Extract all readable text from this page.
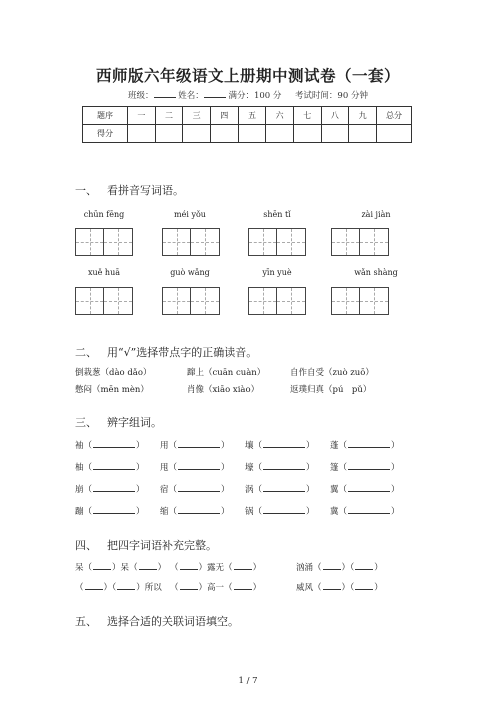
西师版六年级语文上册期中测试卷（一套）
班级：	姓名：	满分：100 分 考试时间：90 分钟
题序	一	二	三	四	五	六	七	八	九	总分
得分										
一、 看拼音写词语。
chūn fēng	méi yǒu	shēn tǐ	zài jiàn
xuě huā	guò wǎng	yīn yuè	wǎn shàng
二、 用“√”选择带点字的正确读音。
倒栽葱（dào dǎo）	蹿上（cuān cuàn）	自作自受（zuò zuō）
憋闷（mēn mèn）	肖像（xiāo xiào）	返璞归真（pú　pǔ）
三、 辨字组词。
袖（	） 用（	） 壤（	） 蓬（	）
柚（	） 甩（	） 壕（	） 篷（	）
崩（	） 宿（	） 涡（	） 翼（	）
蹦（	） 缩（	） 锅（	） 冀（	）
四、 把四字词语补充完整。
呆（ ）呆（ ） （ ）露无（ ）	汹涌（ ）（ ）
（ ）（ ）所以 （ ）高一（ ）	威风（ ）（ ）
五、 选择合适的关联词语填空。
1 / 7
